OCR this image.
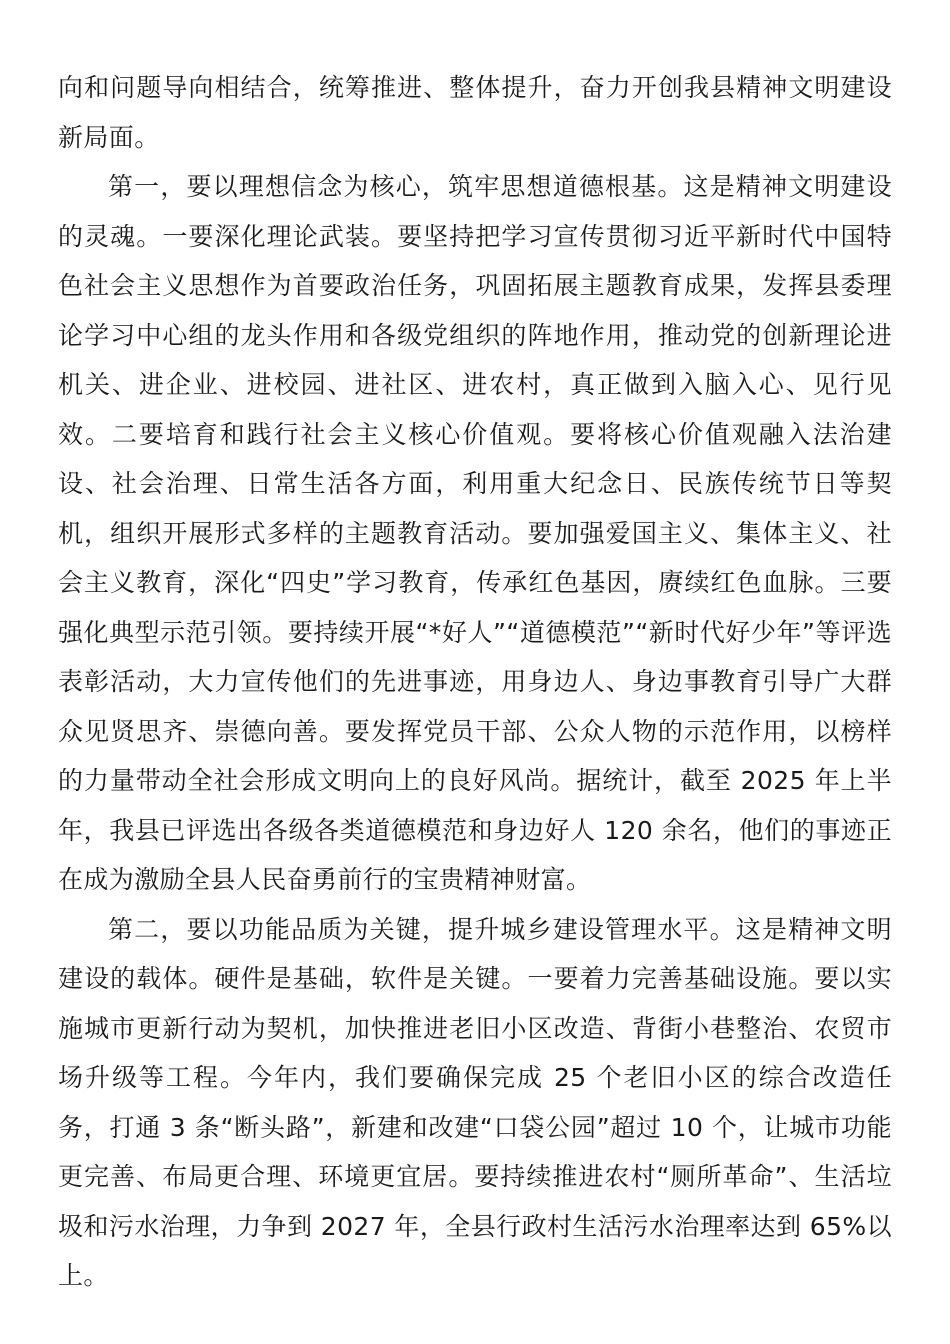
向和问题导向相结合，统筹推进、整体提升，奋力开创我县精神文明建设新局面。

第一，要以理想信念为核心，筑牢思想道德根基。这是精神文明建设的灵魂。一要深化理论武装。要坚持把学习宣传贯彻习近平新时代中国特色社会主义思想作为首要政治任务，巩固拓展主题教育成果，发挥县委理论学习中心组的龙头作用和各级党组织的阵地作用，推动党的创新理论进机关、进企业、进校园、进社区、进农村，真正做到入脑入心、见行见效。二要培育和践行社会主义核心价值观。要将核心价值观融入法治建设、社会治理、日常生活各方面，利用重大纪念日、民族传统节日等契机，组织开展形式多样的主题教育活动。要加强爱国主义、集体主义、社会主义教育，深化“四史”学习教育，传承红色基因，赓续红色血脉。三要强化典型示范引领。要持续开展“*好人”“道德模范”“新时代好少年”等评选表彰活动，大力宣传他们的先进事迹，用身边人、身边事教育引导广大群众见贤思齐、崇德向善。要发挥党员干部、公众人物的示范作用，以榜样的力量带动全社会形成文明向上的良好风尚。据统计，截至 2025 年上半年，我县已评选出各级各类道德模范和身边好人 120 余名，他们的事迹正在成为激励全县人民奋勇前行的宝贵精神财富。

第二，要以功能品质为关键，提升城乡建设管理水平。这是精神文明建设的载体。硬件是基础，软件是关键。一要着力完善基础设施。要以实施城市更新行动为契机，加快推进老旧小区改造、背街小巷整治、农贸市场升级等工程。今年内，我们要确保完成 25 个老旧小区的综合改造任务，打通 3 条“断头路”，新建和改建“口袋公园”超过 10 个，让城市功能更完善、布局更合理、环境更宜居。要持续推进农村“厕所革命”、生活垃圾和污水治理，力争到 2027 年，全县行政村生活污水治理率达到 65%以上。
